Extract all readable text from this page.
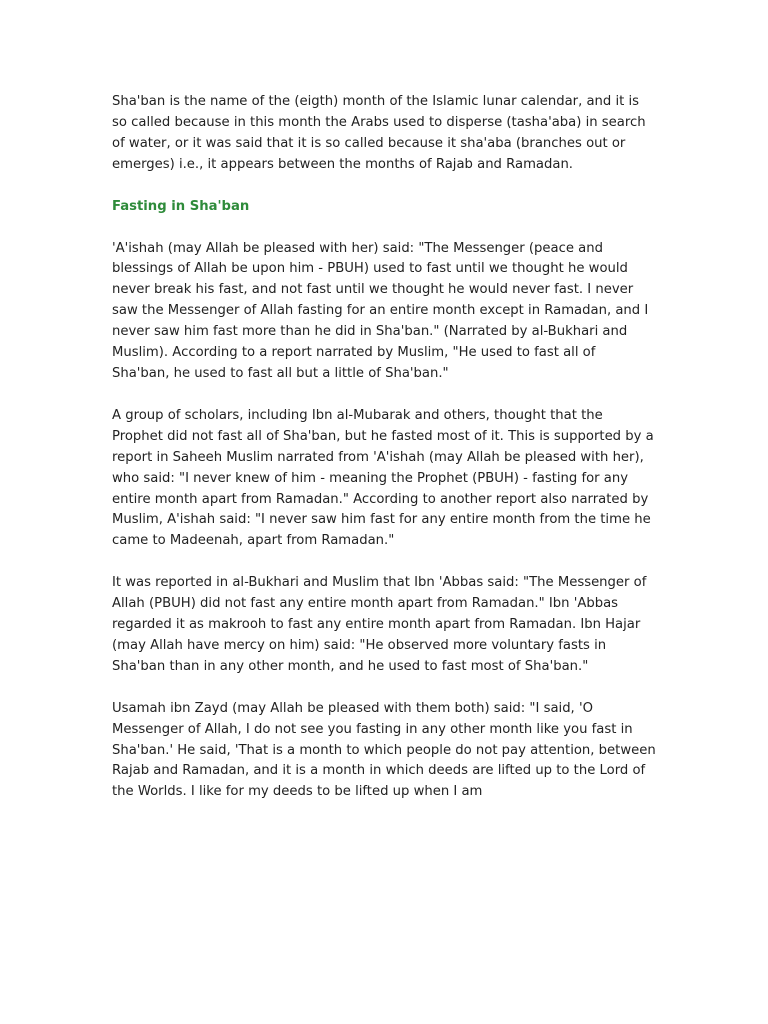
Sha'ban is the name of the (eigth) month of the Islamic lunar calendar, and it is so called because in this month the Arabs used to disperse (tasha'aba) in search of water, or it was said that it is so called because it sha'aba (branches out or emerges) i.e., it appears between the months of Rajab and Ramadan.

Fasting in Sha'ban

'A'ishah (may Allah be pleased with her) said: "The Messenger (peace and blessings of Allah be upon him - PBUH) used to fast until we thought he would never break his fast, and not fast until we thought he would never fast. I never saw the Messenger of Allah fasting for an entire month except in Ramadan, and I never saw him fast more than he did in Sha'ban." (Narrated by al-Bukhari and Muslim). According to a report narrated by Muslim, "He used to fast all of Sha'ban, he used to fast all but a little of Sha'ban."

A group of scholars, including Ibn al-Mubarak and others, thought that the Prophet did not fast all of Sha'ban, but he fasted most of it. This is supported by a report in Saheeh Muslim narrated from 'A'ishah (may Allah be pleased with her), who said: "I never knew of him - meaning the Prophet (PBUH) - fasting for any entire month apart from Ramadan." According to another report also narrated by Muslim, A'ishah said: "I never saw him fast for any entire month from the time he came to Madeenah, apart from Ramadan."

It was reported in al-Bukhari and Muslim that Ibn 'Abbas said: "The Messenger of Allah (PBUH) did not fast any entire month apart from Ramadan." Ibn 'Abbas regarded it as makrooh to fast any entire month apart from Ramadan. Ibn Hajar (may Allah have mercy on him) said: "He observed more voluntary fasts in Sha'ban than in any other month, and he used to fast most of Sha'ban."

Usamah ibn Zayd (may Allah be pleased with them both) said: "I said, 'O Messenger of Allah, I do not see you fasting in any other month like you fast in Sha'ban.' He said, 'That is a month to which people do not pay attention, between Rajab and Ramadan, and it is a month in which deeds are lifted up to the Lord of the Worlds. I like for my deeds to be lifted up when I am
